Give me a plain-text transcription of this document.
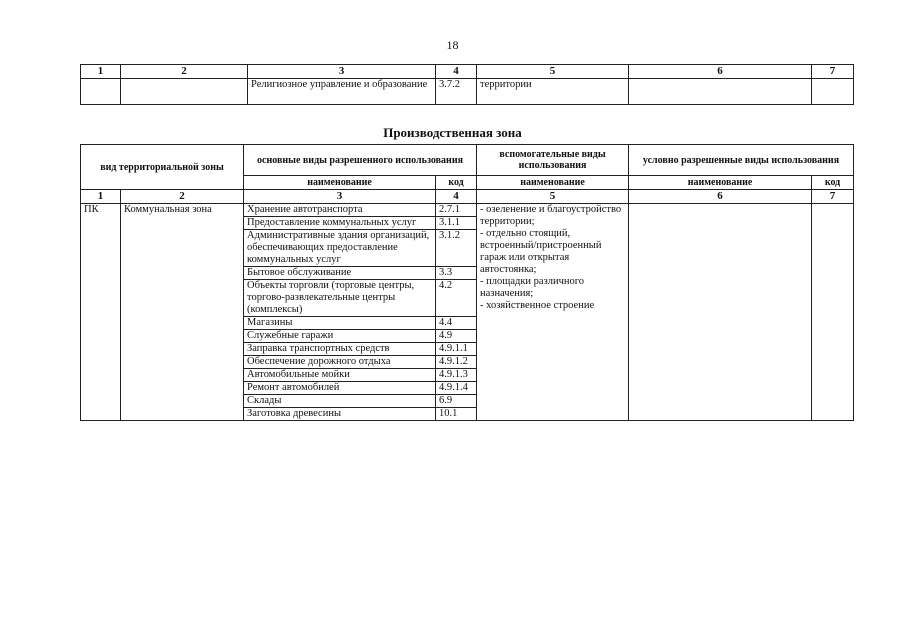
18
1	2	3	4	5	6	7
		Религиозное управление и образование	3.7.2	территории		
Производственная зона
вид территориальной зоны		основные виды разрешенного использования		вспомогательные виды использования	условно разрешенные виды использования	
		наименование	код	наименование	наименование	код
1	2	3	4	5	6	7
ПК	Коммунальная зона	Хранение автотранспорта	2.7.1	- озеленение и благоустройство территории;
- отдельно стоящий, встроенный/пристроенный гараж или открытая автостоянка;
- площадки различного назначения;
- хозяйственное строение		
		Предоставление коммунальных услуг	3.1.1			
		Административные здания организаций, обеспечивающих предоставление коммунальных услуг	3.1.2			
		Бытовое обслуживание	3.3			
		Объекты торговли (торговые центры, торгово-развлекательные центры (комплексы)	4.2			
		Магазины	4.4			
		Служебные гаражи	4.9			
		Заправка транспортных средств	4.9.1.1			
		Обеспечение дорожного отдыха	4.9.1.2			
		Автомобильные мойки	4.9.1.3			
		Ремонт автомобилей	4.9.1.4			
		Склады	6.9			
		Заготовка древесины	10.1			
